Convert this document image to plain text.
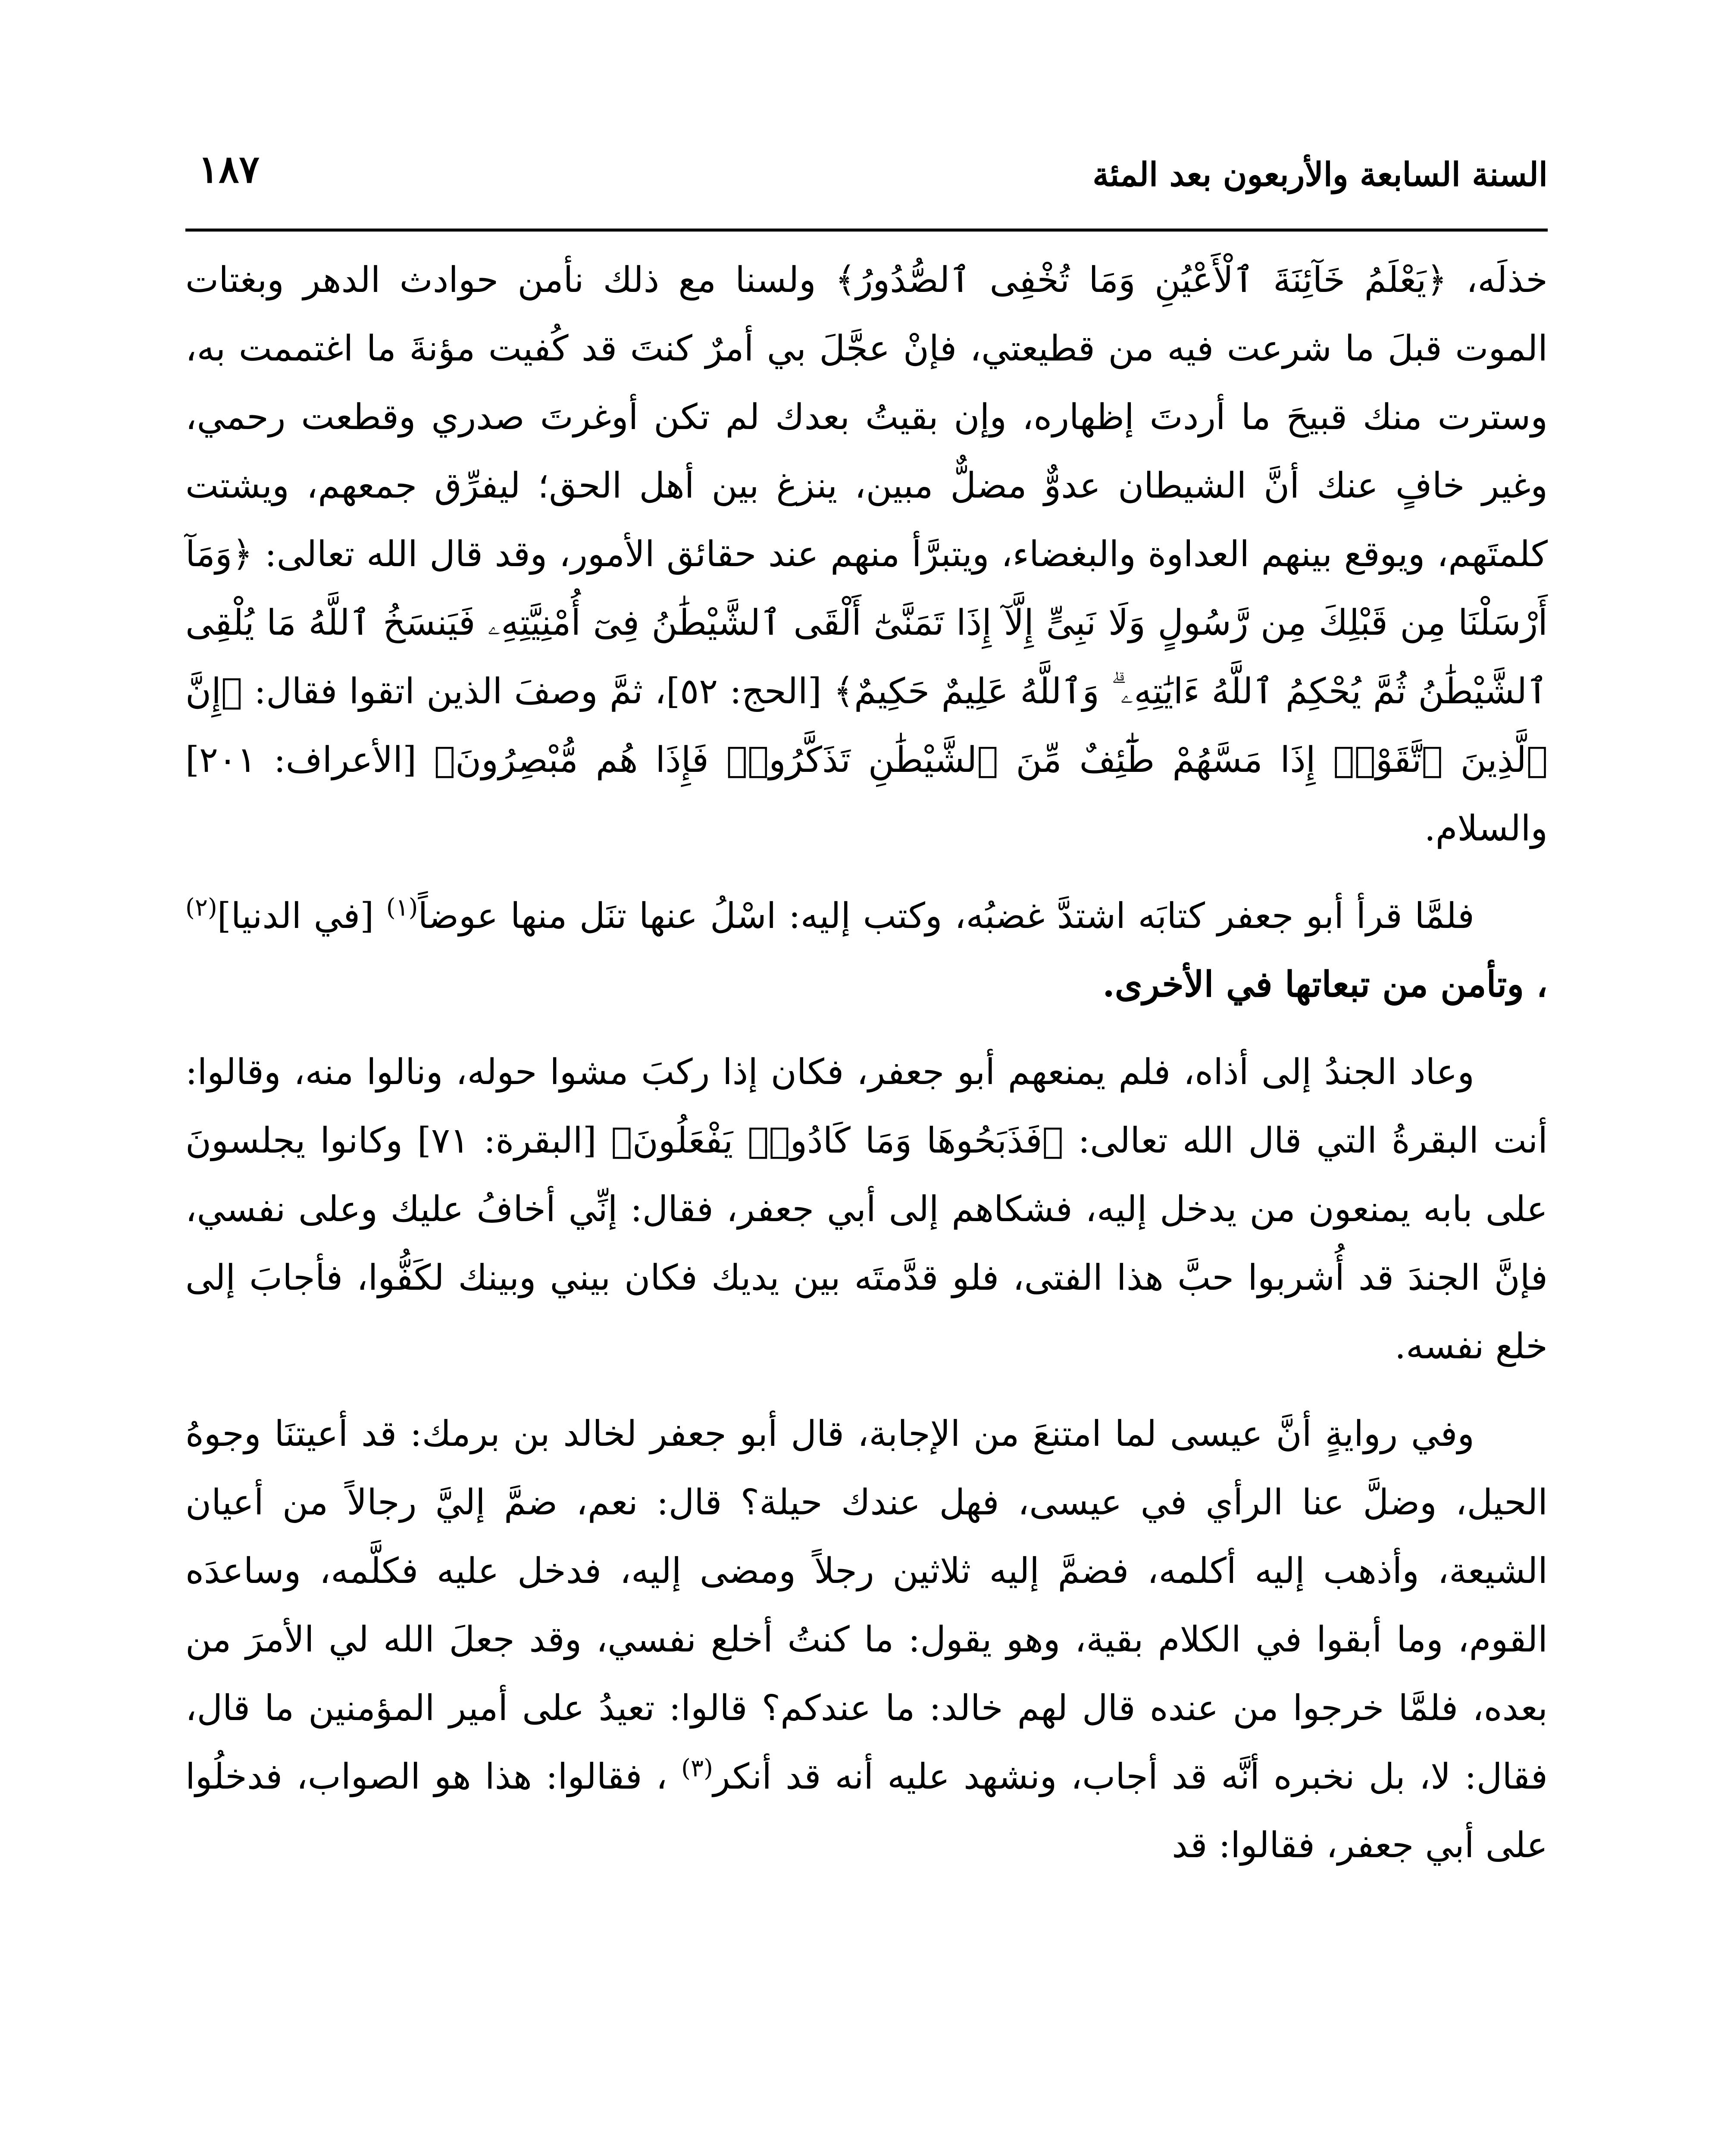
السنة السابعة والأربعون بعد المئة
١٨٧

خذلَه، ﴿يَعْلَمُ خَآئِنَةَ ٱلْأَعْيُنِ وَمَا تُخْفِى ٱلصُّدُورُ﴾ ولسنا مع ذلك نأمن حوادث الدهر وبغتات الموت قبلَ ما شرعت فيه من قطيعتي، فإنْ عجَّلَ بي أمرٌ كنتَ قد كُفيت مؤنةَ ما اغتممت به، وسترت منك قبيحَ ما أردتَ إظهاره، وإن بقيتُ بعدك لم تكن أوغرتَ صدري وقطعت رحمي، وغير خافٍ عنك أنَّ الشيطان عدوٌّ مضلٌّ مبين، ينزغ بين أهل الحق؛ ليفرِّق جمعهم، ويشتت كلمتَهم، ويوقع بينهم العداوة والبغضاء، ويتبرَّأ منهم عند حقائق الأمور، وقد قال الله تعالى: ﴿وَمَآ أَرْسَلْنَا مِن قَبْلِكَ مِن رَّسُولٍ وَلَا نَبِىٍّ إِلَّآ إِذَا تَمَنَّىٰٓ أَلْقَى ٱلشَّيْطَٰنُ فِىٓ أُمْنِيَّتِهِۦ فَيَنسَخُ ٱللَّهُ مَا يُلْقِى ٱلشَّيْطَٰنُ ثُمَّ يُحْكِمُ ٱللَّهُ ءَايَٰتِهِۦ ۗ وَٱللَّهُ عَلِيمٌ حَكِيمٌ﴾ [الحج: ٥٢]، ثمَّ وصفَ الذين اتقوا فقال: ﴿إِنَّ ٱلَّذِينَ ٱتَّقَوْا۟ إِذَا مَسَّهُمْ طَٰٓئِفٌ مِّنَ ٱلشَّيْطَٰنِ تَذَكَّرُوا۟ فَإِذَا هُم مُّبْصِرُونَ﴾ [الأعراف: ٢٠١] والسلام.

فلمَّا قرأ أبو جعفر كتابَه اشتدَّ غضبُه، وكتب إليه: اسْلُ عنها تنَل منها عوضاً$^{(١)}$ [في الدنيا]$^{(٢)}$ ، وتأمن من تبعاتها في الأخرى.

وعاد الجندُ إلى أذاه، فلم يمنعهم أبو جعفر، فكان إذا ركبَ مشوا حوله، ونالوا منه، وقالوا: أنت البقرةُ التي قال الله تعالى: ﴿فَذَبَحُوهَا وَمَا كَادُوا۟ يَفْعَلُونَ﴾ [البقرة: ٧١] وكانوا يجلسونَ على بابه يمنعون من يدخل إليه، فشكاهم إلى أبي جعفر، فقال: إنِّي أخافُ عليك وعلى نفسي، فإنَّ الجندَ قد أُشربوا حبَّ هذا الفتى، فلو قدَّمتَه بين يديك فكان بيني وبينك لكَفُّوا، فأجابَ إلى خلع نفسه.

وفي روايةٍ أنَّ عيسى لما امتنعَ من الإجابة، قال أبو جعفر لخالد بن برمك: قد أعيتنَا وجوهُ الحيل، وضلَّ عنا الرأي في عيسى، فهل عندك حيلة؟ قال: نعم، ضمَّ إليَّ رجالاً من أعيان الشيعة، وأذهب إليه أكلمه، فضمَّ إليه ثلاثين رجلاً ومضى إليه، فدخل عليه فكلَّمه، وساعدَه القوم، وما أبقوا في الكلام بقية، وهو يقول: ما كنتُ أخلع نفسي، وقد جعلَ الله لي الأمرَ من بعده، فلمَّا خرجوا من عنده قال لهم خالد: ما عندكم؟ قالوا: تعيدُ على أمير المؤمنين ما قال، فقال: لا، بل نخبره أنَّه قد أجاب، ونشهد عليه أنه قد أنكر$^{(٣)}$ ، فقالوا: هذا هو الصواب، فدخلُوا على أبي جعفر، فقالوا: قد
